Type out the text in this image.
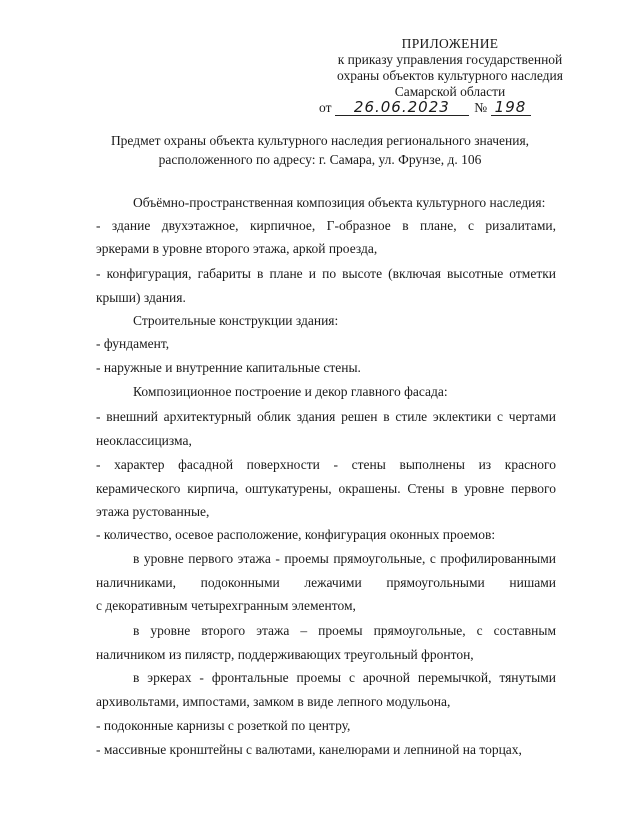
ПРИЛОЖЕНИЕ
к приказу управления государственной
охраны объектов культурного наследия
Самарской области
от 26.06.2023 № 198
Предмет охраны объекта культурного наследия регионального значения,
расположенного по адресу: г. Самара, ул. Фрунзе, д. 106
Объёмно-пространственная композиция объекта культурного наследия:
- здание двухэтажное, кирпичное, Г-образное в плане, с ризалитами,
эркерами в уровне второго этажа, аркой проезда,
- конфигурация, габариты в плане и по высоте (включая высотные отметки
крыши) здания.
Строительные конструкции здания:
- фундамент,
- наружные и внутренние капитальные стены.
Композиционное построение и декор главного фасада:
- внешний архитектурный облик здания решен в стиле эклектики с чертами
неоклассицизма,
- характер фасадной поверхности - стены выполнены из красного
керамического кирпича, оштукатурены, окрашены. Стены в уровне первого
этажа рустованные,
- количество, осевое расположение, конфигурация оконных проемов:
в уровне первого этажа - проемы прямоугольные, с профилированными
наличниками, подоконными лежачими прямоугольными нишами
с декоративным четырехгранным элементом,
в уровне второго этажа – проемы прямоугольные, с составным
наличником из пилястр, поддерживающих треугольный фронтон,
в эркерах - фронтальные проемы с арочной перемычкой, тянутыми
архивольтами, импостами, замком в виде лепного модульона,
- подоконные карнизы с розеткой по центру,
- массивные кронштейны с валютами, канелюрами и лепниной на торцах,
